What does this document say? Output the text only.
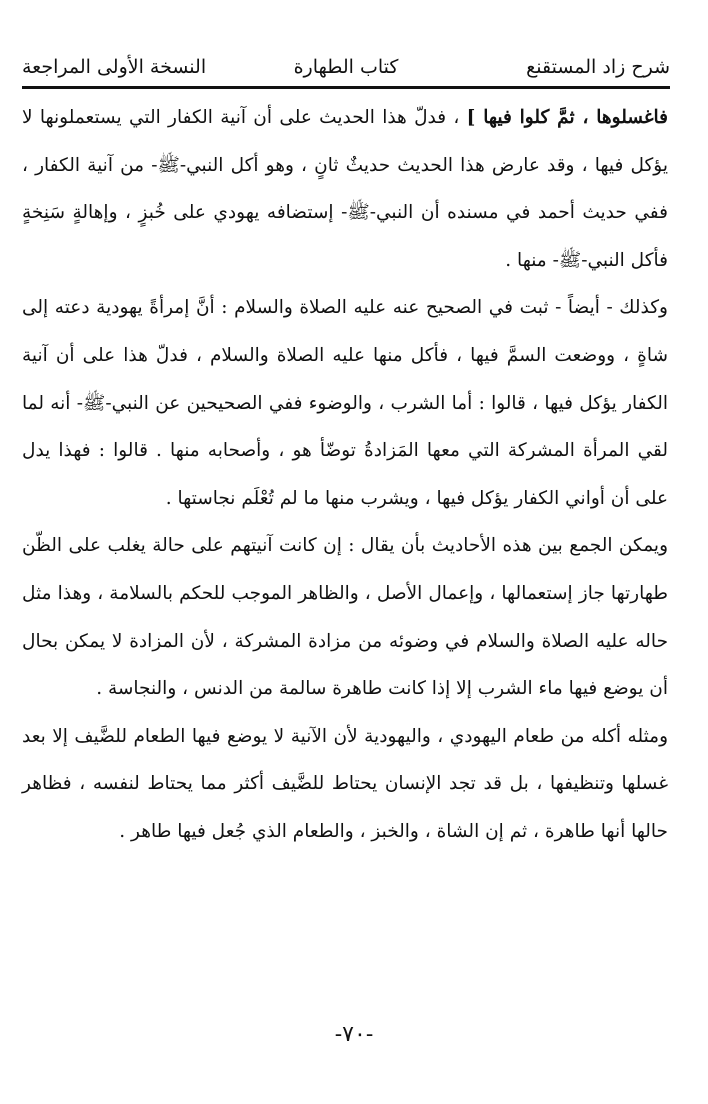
شرح زاد المستقنع
كتاب الطهارة
النسخة الأولى المراجعة

فاغسلوها ، ثمَّ كلوا فيها ] ، فدلّ هذا الحديث على أن آنية الكفار التي يستعملونها لا يؤكل فيها ، وقد عارض هذا الحديث حديثٌ ثانٍ ، وهو أكل النبي-ﷺ- من آنية الكفار ، ففي حديث أحمد في مسنده أن النبي-ﷺ- إستضافه يهودي على خُبزٍ ، وإهالةٍ سَنِخةٍ فأكل النبي-ﷺ- منها .

وكذلك - أيضاً - ثبت في الصحيح عنه عليه الصلاة والسلام : أنَّ إمرأةً يهودية دعته إلى شاةٍ ، ووضعت السمَّ فيها ، فأكل منها عليه الصلاة والسلام ، فدلّ هذا على أن آنية الكفار يؤكل فيها ، قالوا : أما الشرب ، والوضوء ففي الصحيحين عن النبي-ﷺ- أنه لما لقي المرأة المشركة التي معها المَزادةُ توضّأ هو ، وأصحابه منها . قالوا : فهذا يدل على أن أواني الكفار يؤكل فيها ، ويشرب منها ما لم تُعْلَم نجاستها .

ويمكن الجمع بين هذه الأحاديث بأن يقال : إن كانت آنيتهم على حالة يغلب على الظّن طهارتها جاز إستعمالها ، وإعمال الأصل ، والظاهر الموجب للحكم بالسلامة ، وهذا مثل حاله عليه الصلاة والسلام في وضوئه من مزادة المشركة ، لأن المزادة لا يمكن بحال أن يوضع فيها ماء الشرب إلا إذا كانت طاهرة سالمة من الدنس ، والنجاسة .

ومثله أكله من طعام اليهودي ، واليهودية لأن الآنية لا يوضع فيها الطعام للضَّيف إلا بعد غسلها وتنظيفها ، بل قد تجد الإنسان يحتاط للضَّيف أكثر مما يحتاط لنفسه ، فظاهر حالها أنها طاهرة ، ثم إن الشاة ، والخبز ، والطعام الذي جُعل فيها طاهر .

-٧٠-
